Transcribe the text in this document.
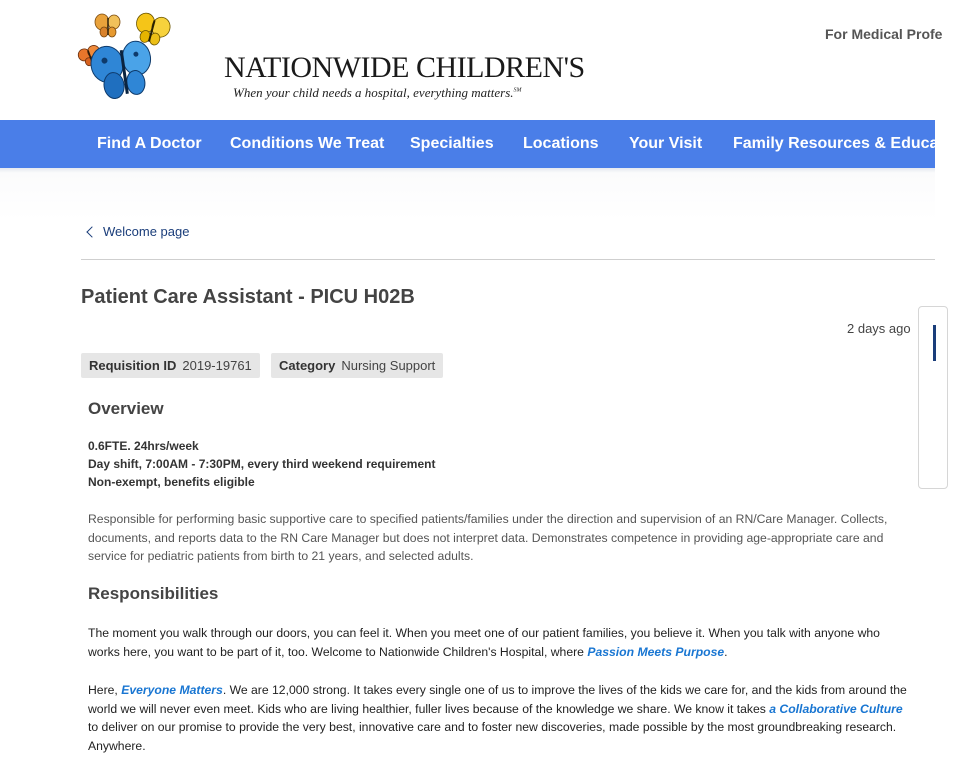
NATIONWIDE CHILDREN'S
When your child needs a hospital, everything matters.℠
For Medical Profe
Find A Doctor Conditions We Treat Specialties Locations Your Visit Family Resources & Educatio
Welcome page
Patient Care Assistant - PICU H02B
2 days ago
Requisition ID 2019-19761	Category Nursing Support
Overview
0.6FTE. 24hrs/week
Day shift, 7:00AM - 7:30PM, every third weekend requirement
Non-exempt, benefits eligible
Responsible for performing basic supportive care to specified patients/families under the direction and supervision of an RN/Care Manager. Collects, documents, and reports data to the RN Care Manager but does not interpret data. Demonstrates competence in providing age-appropriate care and service for pediatric patients from birth to 21 years, and selected adults.
Responsibilities
The moment you walk through our doors, you can feel it. When you meet one of our patient families, you believe it. When you talk with anyone who works here, you want to be part of it, too. Welcome to Nationwide Children's Hospital, where Passion Meets Purpose.
Here, Everyone Matters. We are 12,000 strong. It takes every single one of us to improve the lives of the kids we care for, and the kids from around the world we will never even meet. Kids who are living healthier, fuller lives because of the knowledge we share. We know it takes a Collaborative Culture to deliver on our promise to provide the very best, innovative care and to foster new discoveries, made possible by the most groundbreaking research. Anywhere.
